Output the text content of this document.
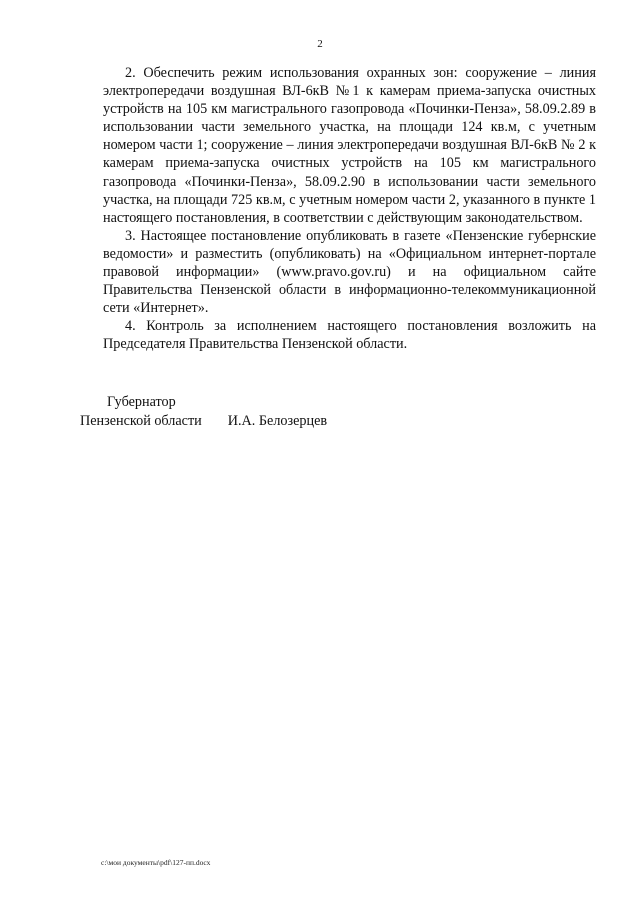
2

2. Обеспечить режим использования охранных зон: сооружение – линия электропередачи воздушная ВЛ-6кВ №1 к камерам приема-запуска очистных устройств на 105 км магистрального газопровода «Починки-Пенза», 58.09.2.89 в использовании части земельного участка, на площади 124 кв.м, с учетным номером части 1; сооружение – линия электропередачи воздушная ВЛ-6кВ № 2 к камерам приема-запуска очистных устройств на 105 км магистрального газопровода «Починки-Пенза», 58.09.2.90 в использовании части земельного участка, на площади 725 кв.м, с учетным номером части 2, указанного в пункте 1 настоящего постановления, в соответствии с действующим законодательством.

3. Настоящее постановление опубликовать в газете «Пензенские губернские ведомости» и разместить (опубликовать) на «Официальном интернет-портале правовой информации» (www.pravo.gov.ru) и на официальном сайте Правительства Пензенской области в информационно-телекоммуникационной сети «Интернет».

4. Контроль за исполнением настоящего постановления возложить на Председателя Правительства Пензенской области.

Губернатор
Пензенской области И.А. Белозерцев
c:\мои документы\pdf\127-пп.docx
